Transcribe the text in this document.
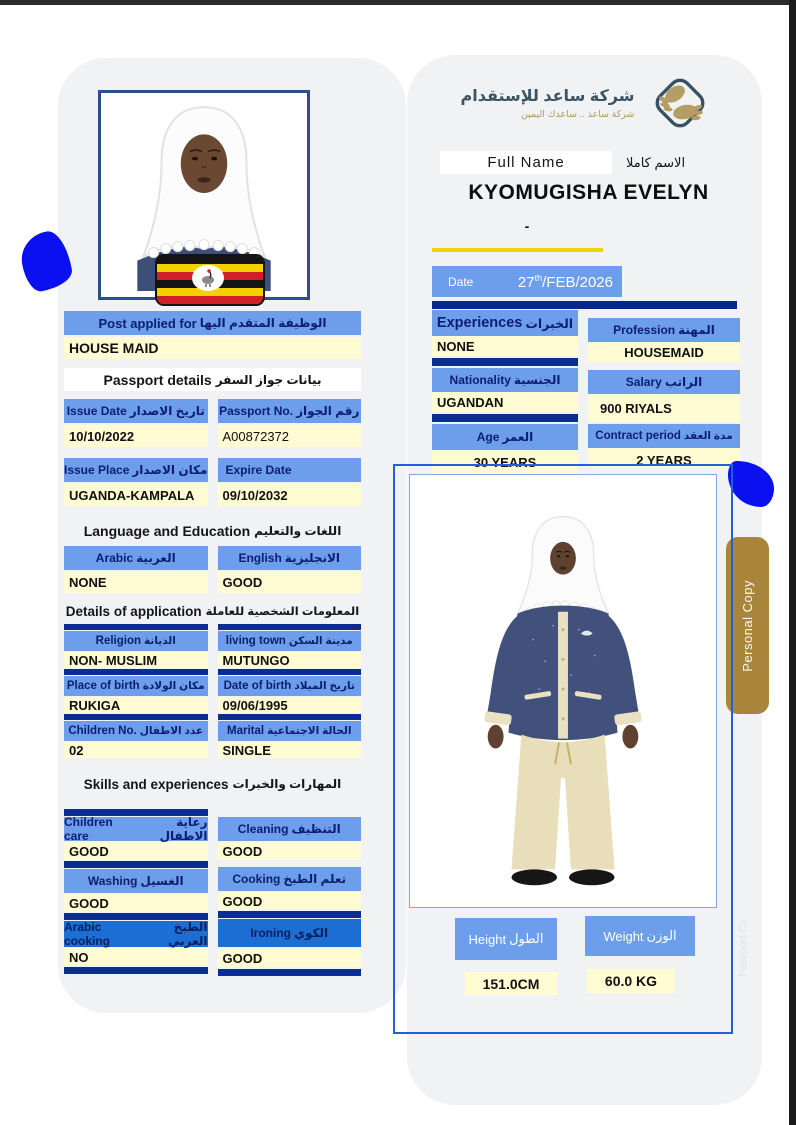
Post applied for الوظيفة المتقدم اليها
HOUSE MAID
Passport details بيانات جواز السفر
Issue Date تاريخ الاصدار
10/10/2022
Issue Place مكان الاصدار
UGANDA-KAMPALA
Passport No. رقم الجواز
A00872372
Expire Date
09/10/2032
Language and Education اللغات والتعليم
Arabic العربية
NONE
English الانجليزية
GOOD
Details of application المعلومات الشخصية للعاملة
Religion الديانة
NON- MUSLIM
Place of birth مكان الولادة
RUKIGA
Children No. عدد الاطفال
02
living town مدينة السكن
MUTUNGO
Date of birth تاريخ الميلاد
09/06/1995
Marital الحالة الاجتماعية
SINGLE
Skills and experiences المهارات والخبرات
Children care
رعاية الاطفال
GOOD
Washing الغسيل
GOOD
Arabic cooking
الطبخ العربي
NO
Cleaning التنظيف
GOOD
Cooking تعلم الطبخ
GOOD
Ironing الكوي
GOOD
شركة ساعد للإستقدام
شركة ساعد .. ساعدك اليمين
Full Name	الاسم كاملا
KYOMUGISHA EVELYN
-
Date	27th/FEB/2026
Experiences الخبرات
NONE
Nationality الجنسية
UGANDAN
Age العمر
30 YEARS
Profession المهنة
HOUSEMAID
Salary الراتب
900 RIYALS
Contract period مدة العقد
2 YEARS
Personal Copy
Passport Co
Height الطول	Weight الوزن
151.0CM	60.0 KG
